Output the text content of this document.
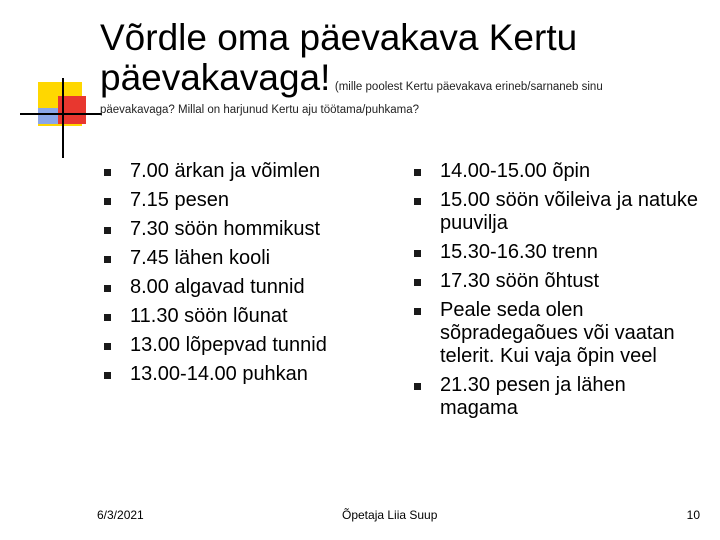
Võrdle oma päevakava Kertu
päevakavaga! (mille poolest Kertu päevakava erineb/sarnaneb sinu
päevakavaga? Millal on harjunud Kertu aju töötama/puhkama?
7.00 ärkan ja võimlen
7.15 pesen
7.30 söön hommikust
7.45 lähen kooli
8.00 algavad tunnid
11.30 söön lõunat
13.00 lõpepvad tunnid
13.00-14.00 puhkan
14.00-15.00 õpin
15.00 söön võileiva ja natuke puuvilja
15.30-16.30 trenn
17.30 söön õhtust
Peale seda olen sõpradegaõues või vaatan telerit. Kui vaja õpin veel
21.30 pesen ja lähen magama
6/3/2021	Õpetaja Liia Suup	10
